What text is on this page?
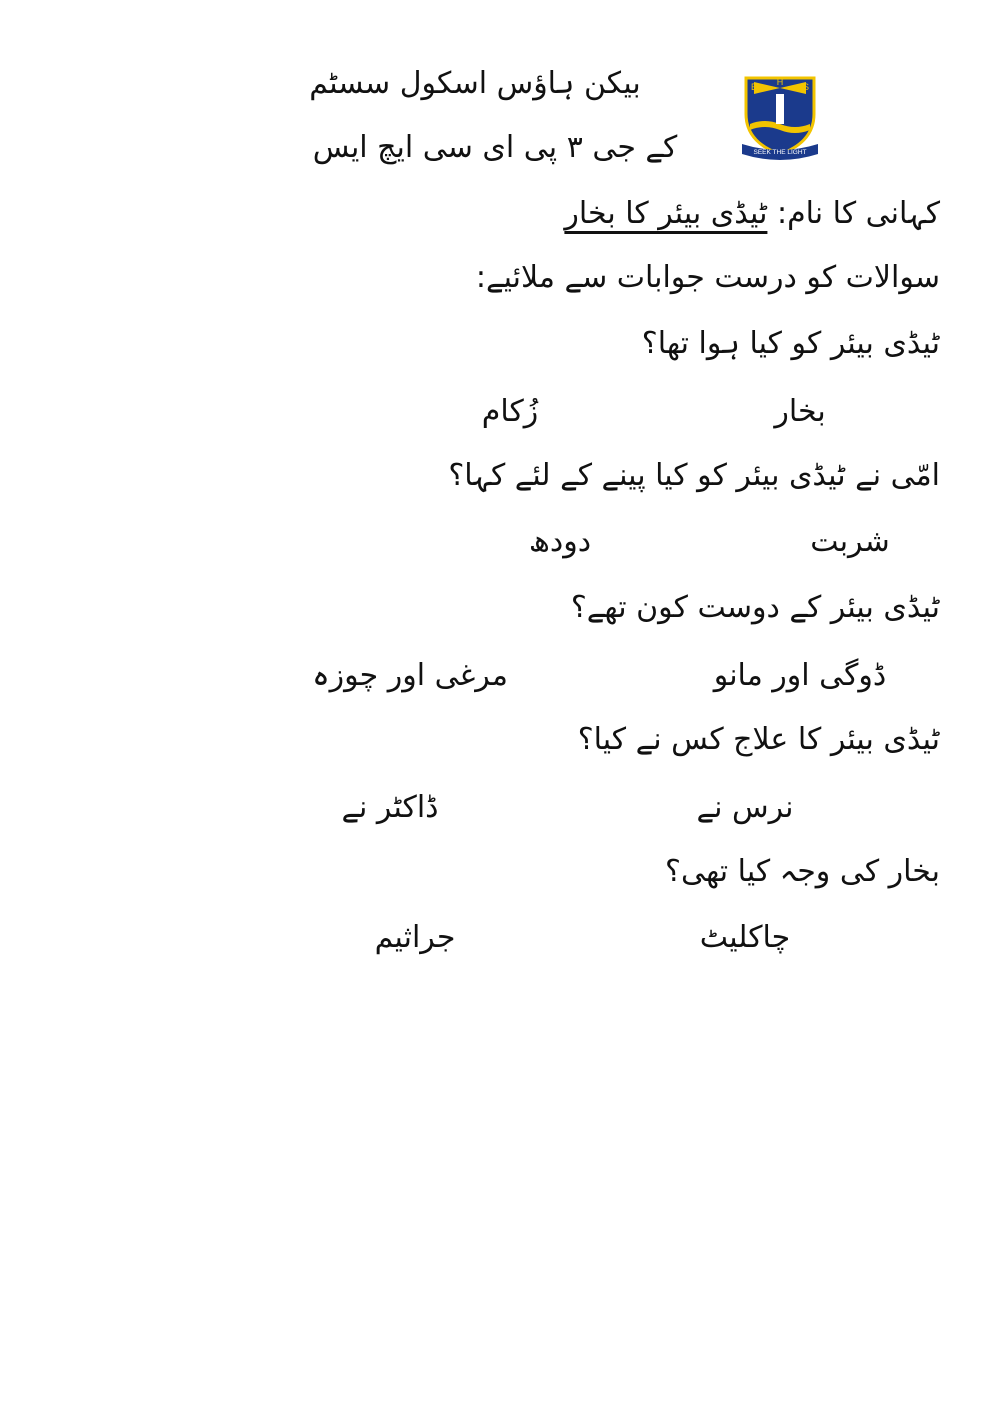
بیکن ہاؤس اسکول سسٹم	B H S
SEEK THE LIGHT
کے جی ۳ پی ای سی ایچ ایس
کہانی کا نام: ٹیڈی بیئر کا بخار
سوالات کو درست جوابات سے ملائیے:
ٹیڈی بیئر کو کیا ہوا تھا؟
بخار
زُکام
امّی نے ٹیڈی بیئر کو کیا پینے کے لئے کہا؟
شربت
دودھ
ٹیڈی بیئر کے دوست کون تھے؟
ڈوگی اور مانو
مرغی اور چوزہ
ٹیڈی بیئر کا علاج کس نے کیا؟
نرس نے
ڈاکٹر نے
بخار کی وجہ کیا تھی؟
چاکلیٹ
جراثیم
